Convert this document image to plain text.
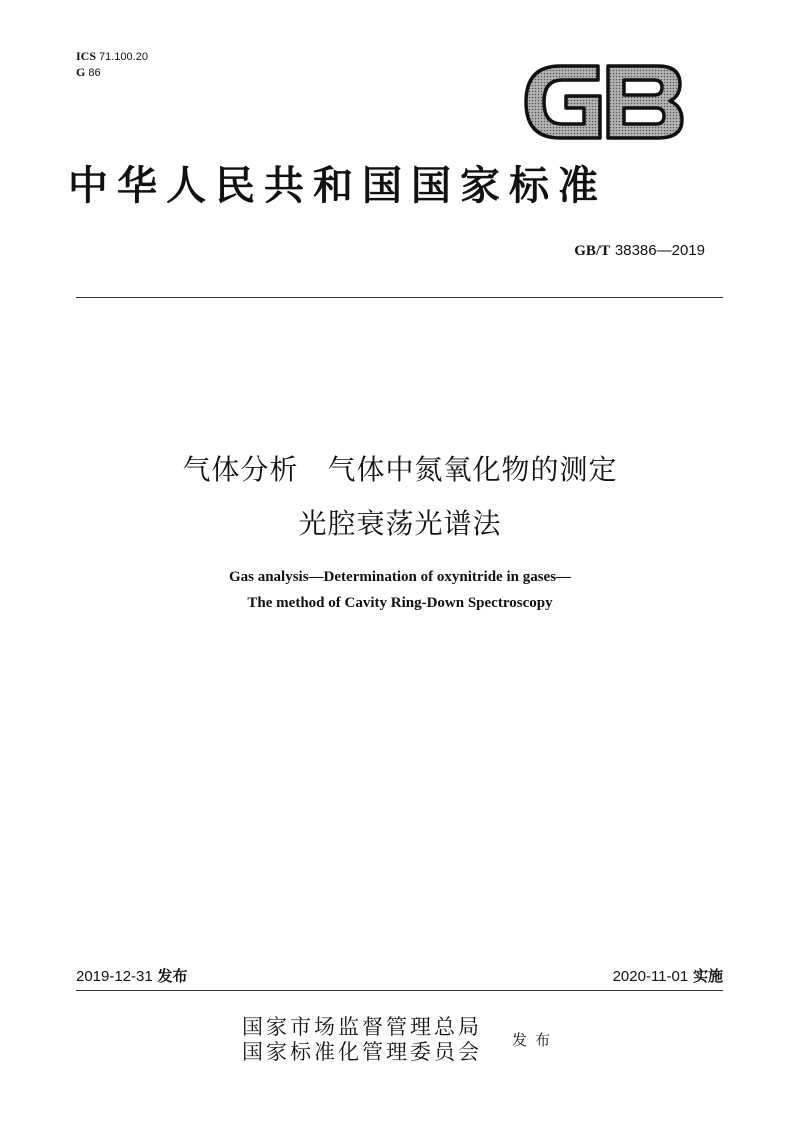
ICS 71.100.20
G 86
中华人民共和国国家标准
GB/T 38386—2019
气体分析　气体中氮氧化物的测定
光腔衰荡光谱法
Gas analysis—Determination of oxynitride in gases—
The method of Cavity Ring-Down Spectroscopy
2019-12-31 发布	2020-11-01 实施
国家市场监督管理总局
国家标准化管理委员会 发布
